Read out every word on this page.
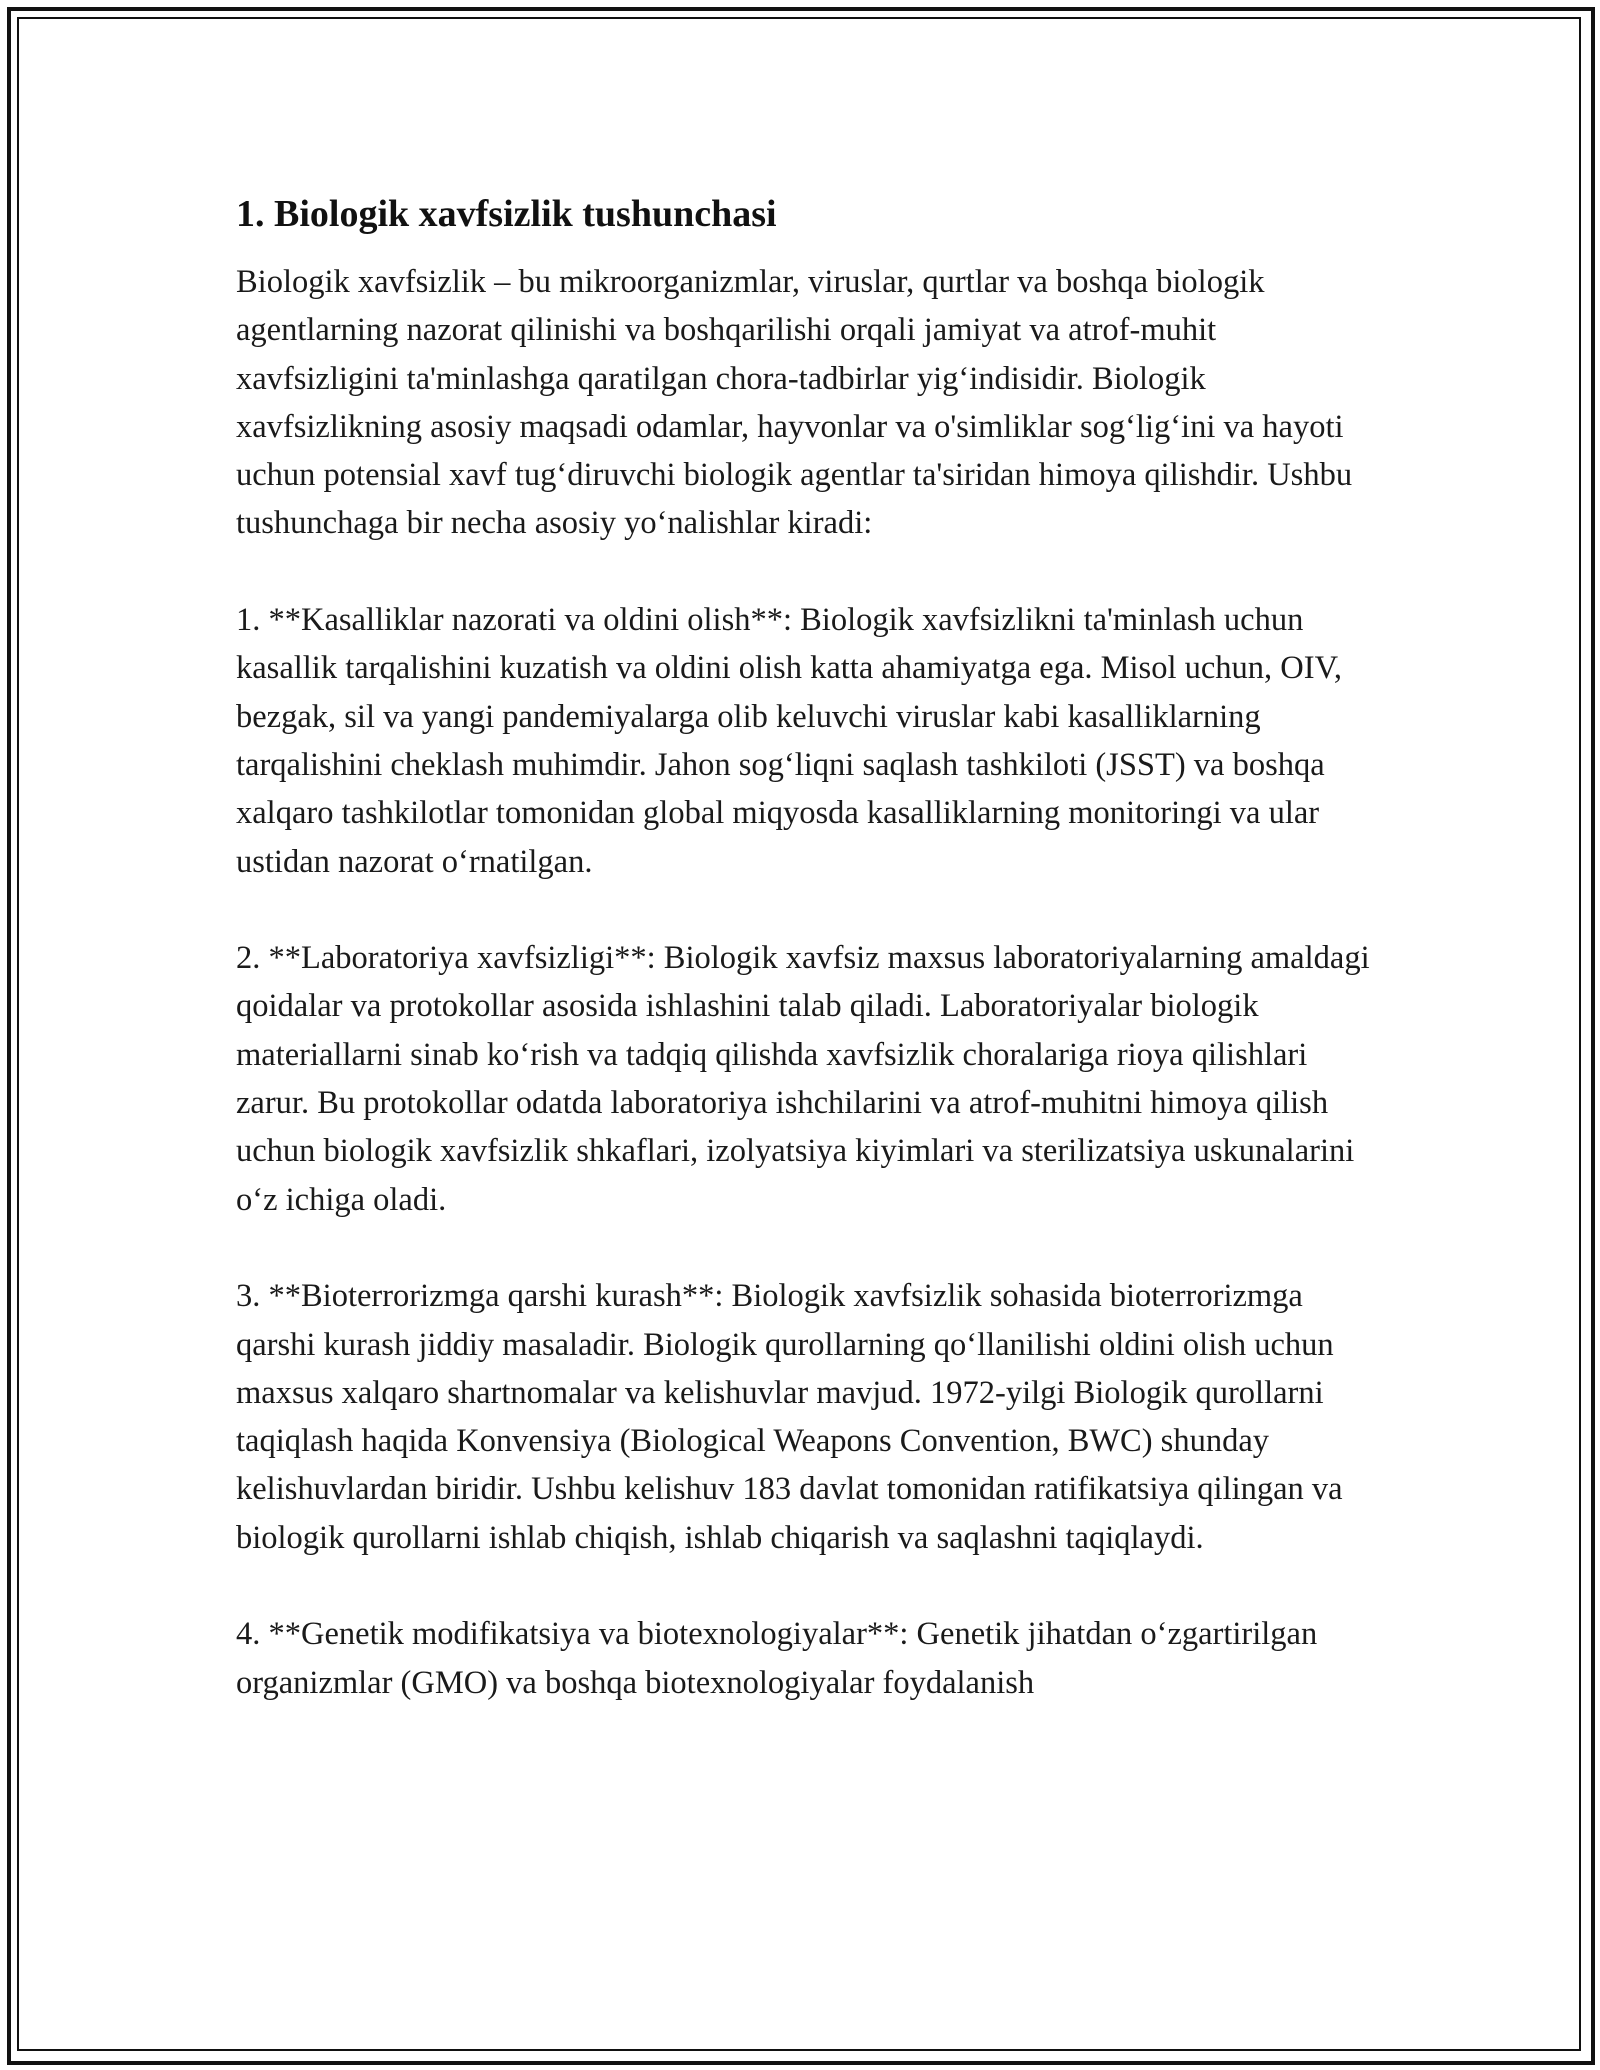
1. Biologik xavfsizlik tushunchasi

Biologik xavfsizlik – bu mikroorganizmlar, viruslar, qurtlar va boshqa biologik agentlarning nazorat qilinishi va boshqarilishi orqali jamiyat va atrof-muhit xavfsizligini ta'minlashga qaratilgan chora-tadbirlar yig‘indisidir. Biologik xavfsizlikning asosiy maqsadi odamlar, hayvonlar va o'simliklar sog‘lig‘ini va hayoti uchun potensial xavf tug‘diruvchi biologik agentlar ta'siridan himoya qilishdir. Ushbu tushunchaga bir necha asosiy yo‘nalishlar kiradi:

1. **Kasalliklar nazorati va oldini olish**: Biologik xavfsizlikni ta'minlash uchun kasallik tarqalishini kuzatish va oldini olish katta ahamiyatga ega. Misol uchun, OIV, bezgak, sil va yangi pandemiyalarga olib keluvchi viruslar kabi kasalliklarning tarqalishini cheklash muhimdir. Jahon sog‘liqni saqlash tashkiloti (JSST) va boshqa xalqaro tashkilotlar tomonidan global miqyosda kasalliklarning monitoringi va ular ustidan nazorat o‘rnatilgan.

2. **Laboratoriya xavfsizligi**: Biologik xavfsiz maxsus laboratoriyalarning amaldagi qoidalar va protokollar asosida ishlashini talab qiladi. Laboratoriyalar biologik materiallarni sinab ko‘rish va tadqiq qilishda xavfsizlik choralariga rioya qilishlari zarur. Bu protokollar odatda laboratoriya ishchilarini va atrof-muhitni himoya qilish uchun biologik xavfsizlik shkaflari, izolyatsiya kiyimlari va sterilizatsiya uskunalarini o‘z ichiga oladi.

3. **Bioterrorizmga qarshi kurash**: Biologik xavfsizlik sohasida bioterrorizmga qarshi kurash jiddiy masaladir. Biologik qurollarning qo‘llanilishi oldini olish uchun maxsus xalqaro shartnomalar va kelishuvlar mavjud. 1972-yilgi Biologik qurollarni taqiqlash haqida Konvensiya (Biological Weapons Convention, BWC) shunday kelishuvlardan biridir. Ushbu kelishuv 183 davlat tomonidan ratifikatsiya qilingan va biologik qurollarni ishlab chiqish, ishlab chiqarish va saqlashni taqiqlaydi.

4. **Genetik modifikatsiya va biotexnologiyalar**: Genetik jihatdan o‘zgartirilgan organizmlar (GMO) va boshqa biotexnologiyalar foydalanish
